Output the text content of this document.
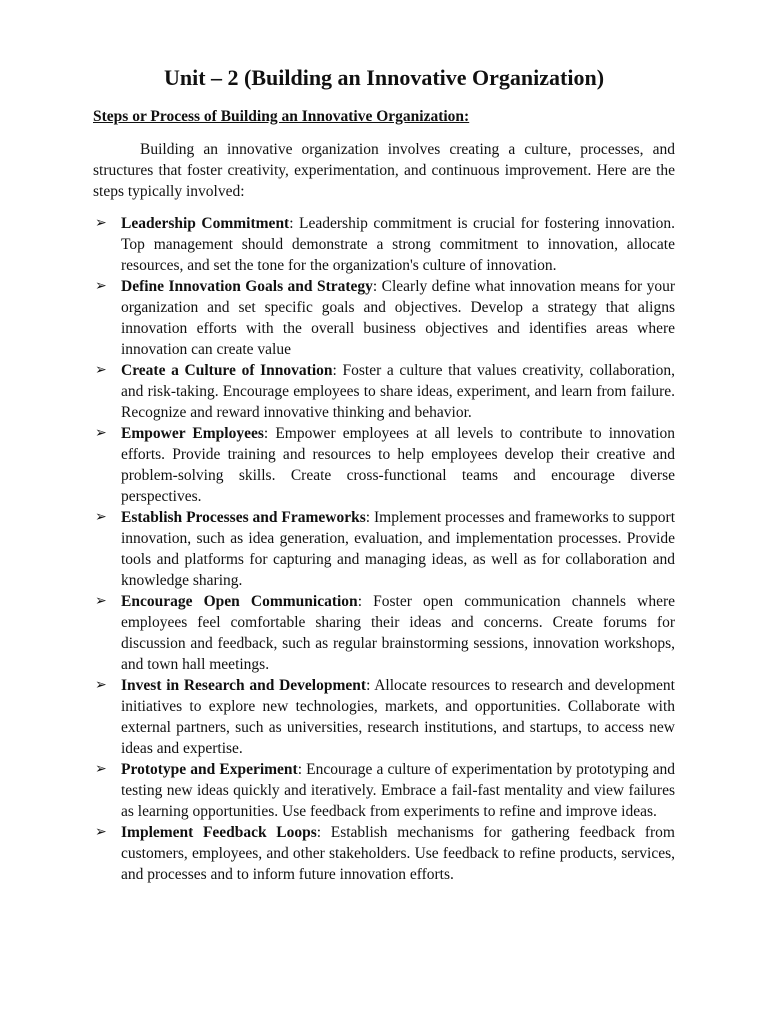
Unit – 2 (Building an Innovative Organization)
Steps or Process of Building an Innovative Organization:

Building an innovative organization involves creating a culture, processes, and structures that foster creativity, experimentation, and continuous improvement. Here are the steps typically involved:

➢ Leadership Commitment: Leadership commitment is crucial for fostering innovation. Top management should demonstrate a strong commitment to innovation, allocate resources, and set the tone for the organization's culture of innovation.
➢ Define Innovation Goals and Strategy: Clearly define what innovation means for your organization and set specific goals and objectives. Develop a strategy that aligns innovation efforts with the overall business objectives and identifies areas where innovation can create value
➢ Create a Culture of Innovation: Foster a culture that values creativity, collaboration, and risk-taking. Encourage employees to share ideas, experiment, and learn from failure. Recognize and reward innovative thinking and behavior.
➢ Empower Employees: Empower employees at all levels to contribute to innovation efforts. Provide training and resources to help employees develop their creative and problem-solving skills. Create cross-functional teams and encourage diverse perspectives.
➢ Establish Processes and Frameworks: Implement processes and frameworks to support innovation, such as idea generation, evaluation, and implementation processes. Provide tools and platforms for capturing and managing ideas, as well as for collaboration and knowledge sharing.
➢ Encourage Open Communication: Foster open communication channels where employees feel comfortable sharing their ideas and concerns. Create forums for discussion and feedback, such as regular brainstorming sessions, innovation workshops, and town hall meetings.
➢ Invest in Research and Development: Allocate resources to research and development initiatives to explore new technologies, markets, and opportunities. Collaborate with external partners, such as universities, research institutions, and startups, to access new ideas and expertise.
➢ Prototype and Experiment: Encourage a culture of experimentation by prototyping and testing new ideas quickly and iteratively. Embrace a fail-fast mentality and view failures as learning opportunities. Use feedback from experiments to refine and improve ideas.
➢ Implement Feedback Loops: Establish mechanisms for gathering feedback from customers, employees, and other stakeholders. Use feedback to refine products, services, and processes and to inform future innovation efforts.
